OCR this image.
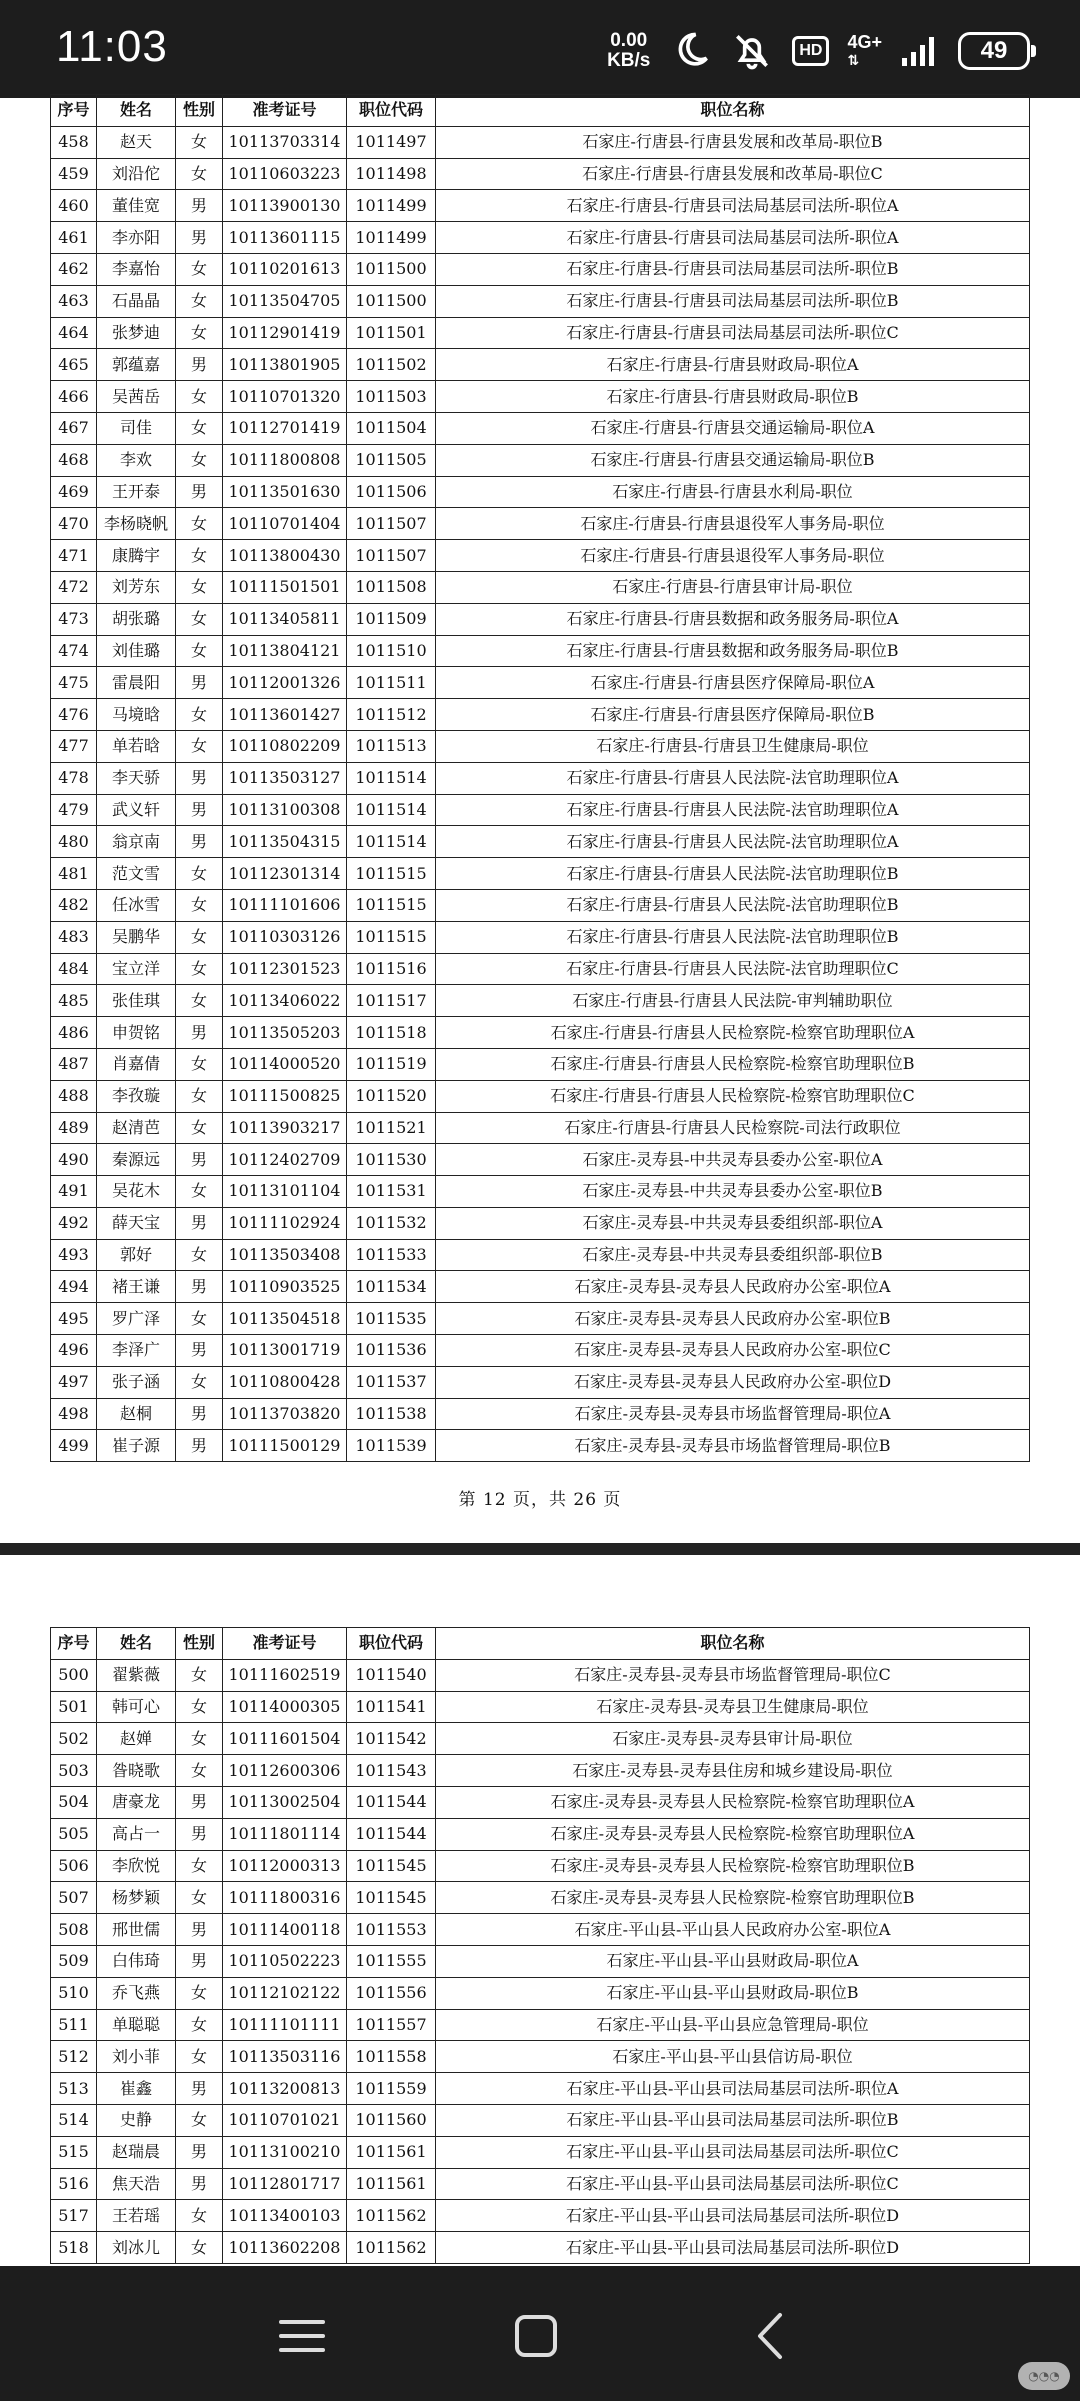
11:03	0.00
KB/s	HD	4G+
⇅	49
序号	姓名	性别	准考证号	职位代码	职位名称
458	赵天	女	10113703314	1011497	石家庄-行唐县-行唐县发展和改革局-职位B
459	刘沿佗	女	10110603223	1011498	石家庄-行唐县-行唐县发展和改革局-职位C
460	董佳宽	男	10113900130	1011499	石家庄-行唐县-行唐县司法局基层司法所-职位A
461	李亦阳	男	10113601115	1011499	石家庄-行唐县-行唐县司法局基层司法所-职位A
462	李嘉怡	女	10110201613	1011500	石家庄-行唐县-行唐县司法局基层司法所-职位B
463	石晶晶	女	10113504705	1011500	石家庄-行唐县-行唐县司法局基层司法所-职位B
464	张梦迪	女	10112901419	1011501	石家庄-行唐县-行唐县司法局基层司法所-职位C
465	郭蕴嘉	男	10113801905	1011502	石家庄-行唐县-行唐县财政局-职位A
466	吴茜岳	女	10110701320	1011503	石家庄-行唐县-行唐县财政局-职位B
467	司佳	女	10112701419	1011504	石家庄-行唐县-行唐县交通运输局-职位A
468	李欢	女	10111800808	1011505	石家庄-行唐县-行唐县交通运输局-职位B
469	王开泰	男	10113501630	1011506	石家庄-行唐县-行唐县水利局-职位
470	李杨晓帆	女	10110701404	1011507	石家庄-行唐县-行唐县退役军人事务局-职位
471	康腾宇	女	10113800430	1011507	石家庄-行唐县-行唐县退役军人事务局-职位
472	刘芳东	女	10111501501	1011508	石家庄-行唐县-行唐县审计局-职位
473	胡张璐	女	10113405811	1011509	石家庄-行唐县-行唐县数据和政务服务局-职位A
474	刘佳璐	女	10113804121	1011510	石家庄-行唐县-行唐县数据和政务服务局-职位B
475	雷晨阳	男	10112001326	1011511	石家庄-行唐县-行唐县医疗保障局-职位A
476	马境晗	女	10113601427	1011512	石家庄-行唐县-行唐县医疗保障局-职位B
477	单若晗	女	10110802209	1011513	石家庄-行唐县-行唐县卫生健康局-职位
478	李天骄	男	10113503127	1011514	石家庄-行唐县-行唐县人民法院-法官助理职位A
479	武义轩	男	10113100308	1011514	石家庄-行唐县-行唐县人民法院-法官助理职位A
480	翁京南	男	10113504315	1011514	石家庄-行唐县-行唐县人民法院-法官助理职位A
481	范文雪	女	10112301314	1011515	石家庄-行唐县-行唐县人民法院-法官助理职位B
482	任冰雪	女	10111101606	1011515	石家庄-行唐县-行唐县人民法院-法官助理职位B
483	吴鹏华	女	10110303126	1011515	石家庄-行唐县-行唐县人民法院-法官助理职位B
484	宝立洋	女	10112301523	1011516	石家庄-行唐县-行唐县人民法院-法官助理职位C
485	张佳琪	女	10113406022	1011517	石家庄-行唐县-行唐县人民法院-审判辅助职位
486	申贺铭	男	10113505203	1011518	石家庄-行唐县-行唐县人民检察院-检察官助理职位A
487	肖嘉倩	女	10114000520	1011519	石家庄-行唐县-行唐县人民检察院-检察官助理职位B
488	李孜璇	女	10111500825	1011520	石家庄-行唐县-行唐县人民检察院-检察官助理职位C
489	赵清芭	女	10113903217	1011521	石家庄-行唐县-行唐县人民检察院-司法行政职位
490	秦源远	男	10112402709	1011530	石家庄-灵寿县-中共灵寿县委办公室-职位A
491	吴花木	女	10113101104	1011531	石家庄-灵寿县-中共灵寿县委办公室-职位B
492	薛天宝	男	10111102924	1011532	石家庄-灵寿县-中共灵寿县委组织部-职位A
493	郭好	女	10113503408	1011533	石家庄-灵寿县-中共灵寿县委组织部-职位B
494	褚王谦	男	10110903525	1011534	石家庄-灵寿县-灵寿县人民政府办公室-职位A
495	罗广泽	女	10113504518	1011535	石家庄-灵寿县-灵寿县人民政府办公室-职位B
496	李泽广	男	10113001719	1011536	石家庄-灵寿县-灵寿县人民政府办公室-职位C
497	张子涵	女	10110800428	1011537	石家庄-灵寿县-灵寿县人民政府办公室-职位D
498	赵桐	男	10113703820	1011538	石家庄-灵寿县-灵寿县市场监督管理局-职位A
499	崔子源	男	10111500129	1011539	石家庄-灵寿县-灵寿县市场监督管理局-职位B
第 12 页，共 26 页
序号	姓名	性别	准考证号	职位代码	职位名称
500	翟紫薇	女	10111602519	1011540	石家庄-灵寿县-灵寿县市场监督管理局-职位C
501	韩可心	女	10114000305	1011541	石家庄-灵寿县-灵寿县卫生健康局-职位
502	赵婵	女	10111601504	1011542	石家庄-灵寿县-灵寿县审计局-职位
503	昝晓歌	女	10112600306	1011543	石家庄-灵寿县-灵寿县住房和城乡建设局-职位
504	唐豪龙	男	10113002504	1011544	石家庄-灵寿县-灵寿县人民检察院-检察官助理职位A
505	高占一	男	10111801114	1011544	石家庄-灵寿县-灵寿县人民检察院-检察官助理职位A
506	李欣悦	女	10112000313	1011545	石家庄-灵寿县-灵寿县人民检察院-检察官助理职位B
507	杨梦颖	女	10111800316	1011545	石家庄-灵寿县-灵寿县人民检察院-检察官助理职位B
508	邢世儒	男	10111400118	1011553	石家庄-平山县-平山县人民政府办公室-职位A
509	白伟琦	男	10110502223	1011555	石家庄-平山县-平山县财政局-职位A
510	乔飞燕	女	10112102122	1011556	石家庄-平山县-平山县财政局-职位B
511	单聪聪	女	10111101111	1011557	石家庄-平山县-平山县应急管理局-职位
512	刘小菲	女	10113503116	1011558	石家庄-平山县-平山县信访局-职位
513	崔鑫	男	10113200813	1011559	石家庄-平山县-平山县司法局基层司法所-职位A
514	史静	女	10110701021	1011560	石家庄-平山县-平山县司法局基层司法所-职位B
515	赵瑞晨	男	10113100210	1011561	石家庄-平山县-平山县司法局基层司法所-职位C
516	焦天浩	男	10112801717	1011561	石家庄-平山县-平山县司法局基层司法所-职位C
517	王若瑶	女	10113400103	1011562	石家庄-平山县-平山县司法局基层司法所-职位D
518	刘冰儿	女	10113602208	1011562	石家庄-平山县-平山县司法局基层司法所-职位D
◔◔◔
